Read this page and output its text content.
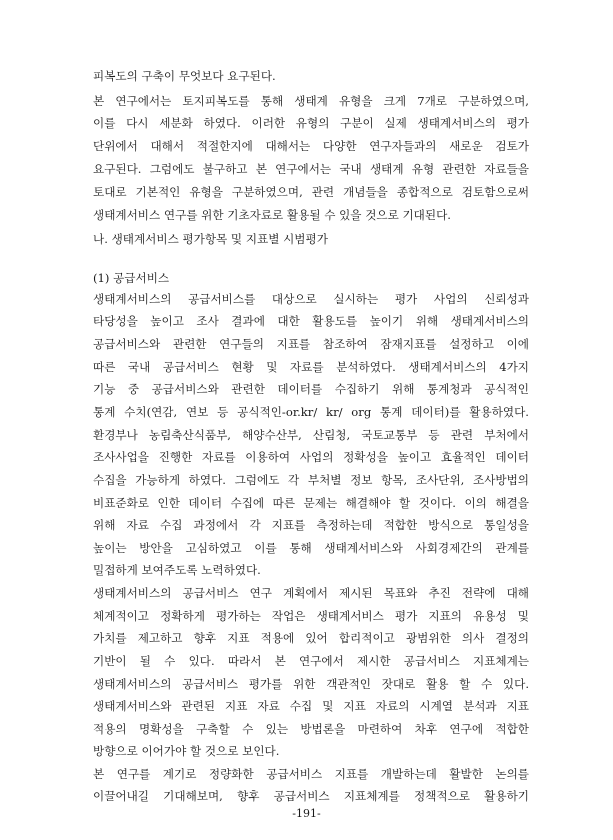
피복도의 구축이 무엇보다 요구된다.
본 연구에서는 토지피복도를 통해 생태계 유형을 크게 7개로 구분하였으며,
이를 다시 세분화 하였다. 이러한 유형의 구분이 실제 생태계서비스의 평가
단위에서 대해서 적절한지에 대해서는 다양한 연구자들과의 새로운 검토가
요구된다. 그럼에도 불구하고 본 연구에서는 국내 생태계 유형 관련한 자료들을
토대로 기본적인 유형을 구분하였으며, 관련 개념들을 종합적으로 검토함으로써
생태계서비스 연구를 위한 기초자료로 활용될 수 있을 것으로 기대된다.
나. 생태계서비스 평가항목 및 지표별 시범평가
(1) 공급서비스
생태계서비스의 공급서비스를 대상으로 실시하는 평가 사업의 신뢰성과
타당성을 높이고 조사 결과에 대한 활용도를 높이기 위해 생태계서비스의
공급서비스와 관련한 연구들의 지표를 참조하여 잠재지표를 설정하고 이에
따른 국내 공급서비스 현황 및 자료를 분석하였다. 생태계서비스의 4가지
기능 중 공급서비스와 관련한 데이터를 수집하기 위해 통계청과 공식적인
통계 수치(연감, 연보 등 공식적인-or.kr/ kr/ org 통계 데이터)를 활용하였다.
환경부나 농림축산식품부, 해양수산부, 산림청, 국토교통부 등 관련 부처에서
조사사업을 진행한 자료를 이용하여 사업의 정확성을 높이고 효율적인 데이터
수집을 가능하게 하였다. 그럼에도 각 부처별 정보 항목, 조사단위, 조사방법의
비표준화로 인한 데이터 수집에 따른 문제는 해결해야 할 것이다. 이의 해결을
위해 자료 수집 과정에서 각 지표를 측정하는데 적합한 방식으로 통일성을
높이는 방안을 고심하였고 이를 통해 생태계서비스와 사회경제간의 관계를
밀접하게 보여주도록 노력하였다.
생태계서비스의 공급서비스 연구 계획에서 제시된 목표와 추진 전략에 대해
체계적이고 정확하게 평가하는 작업은 생태계서비스 평가 지표의 유용성 및
가치를 제고하고 향후 지표 적용에 있어 합리적이고 광범위한 의사 결정의
기반이 될 수 있다. 따라서 본 연구에서 제시한 공급서비스 지표체계는
생태계서비스의 공급서비스 평가를 위한 객관적인 잣대로 활용 할 수 있다.
생태계서비스와 관련된 지표 자료 수집 및 지표 자료의 시계열 분석과 지표
적용의 명확성을 구축할 수 있는 방법론을 마련하여 차후 연구에 적합한
방향으로 이어가야 할 것으로 보인다.
본 연구를 계기로 정량화한 공급서비스 지표를 개발하는데 활발한 논의를
이끌어내길 기대해보며, 향후 공급서비스 지표체계를 정책적으로 활용하기
-191-
